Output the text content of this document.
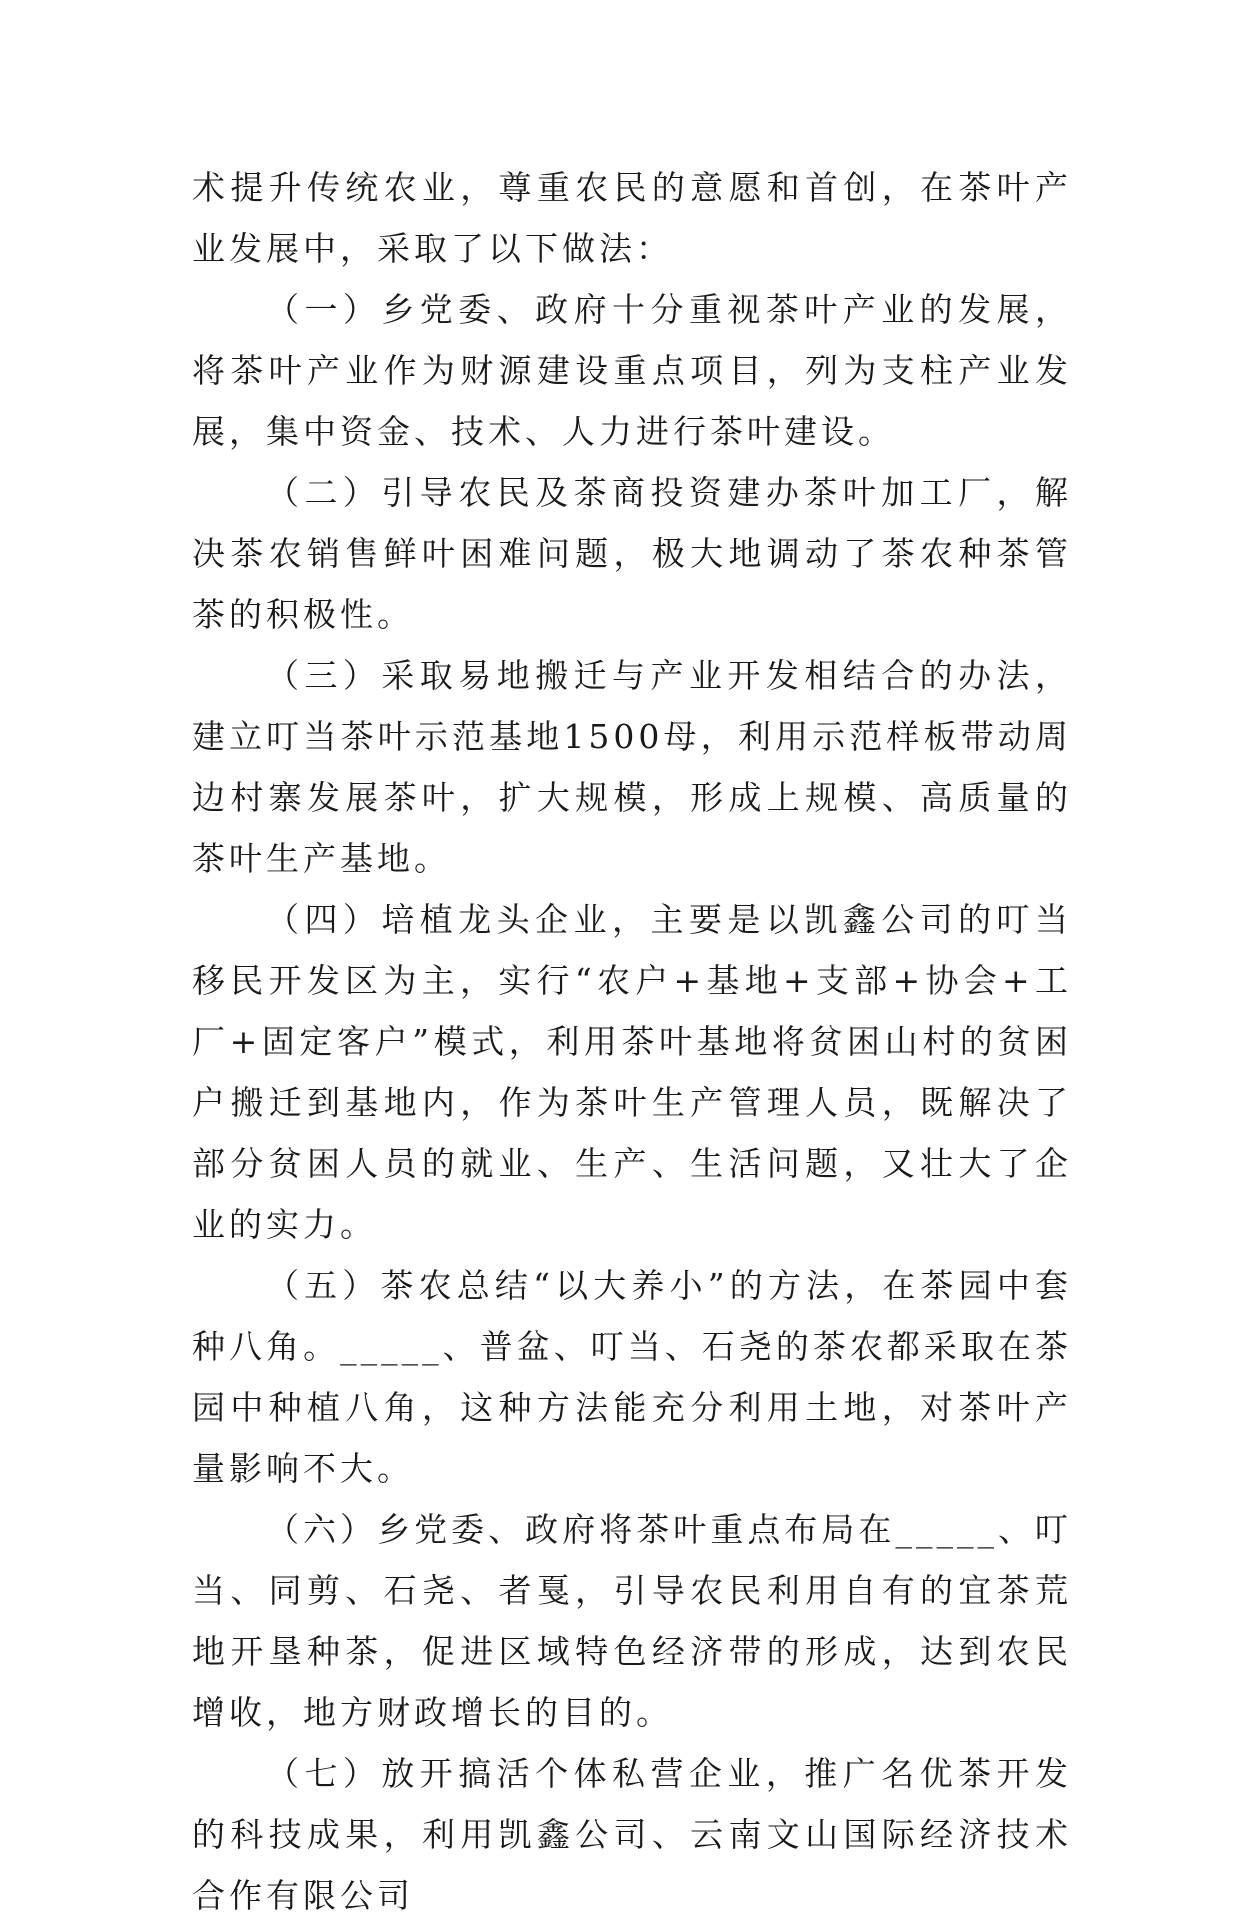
术提升传统农业，尊重农民的意愿和首创，在茶叶产业发展中，采取了以下做法：

（一）乡党委、政府十分重视茶叶产业的发展，将茶叶产业作为财源建设重点项目，列为支柱产业发展，集中资金、技术、人力进行茶叶建设。

（二）引导农民及茶商投资建办茶叶加工厂，解决茶农销售鲜叶困难问题，极大地调动了茶农种茶管茶的积极性。

（三）采取易地搬迁与产业开发相结合的办法，建立叮当茶叶示范基地1500母，利用示范样板带动周边村寨发展茶叶，扩大规模，形成上规模、高质量的茶叶生产基地。

（四）培植龙头企业，主要是以凯鑫公司的叮当移民开发区为主，实行“农户+基地+支部+协会+工厂+固定客户”模式，利用茶叶基地将贫困山村的贫困户搬迁到基地内，作为茶叶生产管理人员，既解决了部分贫困人员的就业、生产、生活问题，又壮大了企业的实力。

（五）茶农总结“以大养小”的方法，在茶园中套种八角。_____、普盆、叮当、石尧的茶农都采取在茶园中种植八角，这种方法能充分利用土地，对茶叶产量影响不大。

（六）乡党委、政府将茶叶重点布局在_____、叮当、同剪、石尧、者戛，引导农民利用自有的宜茶荒地开垦种茶，促进区域特色经济带的形成，达到农民增收，地方财政增长的目的。

（七）放开搞活个体私营企业，推广名优茶开发的科技成果，利用凯鑫公司、云南文山国际经济技术合作有限公司
